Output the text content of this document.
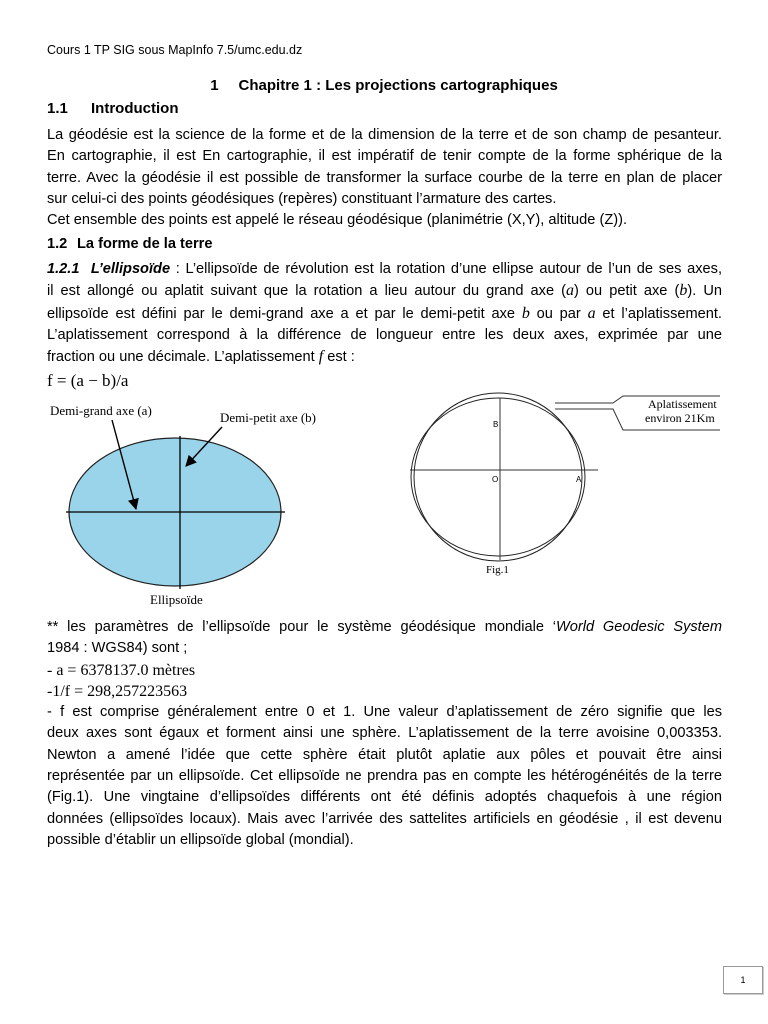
Cours 1 TP SIG sous MapInfo 7.5/umc.edu.dz
1 Chapitre 1 : Les projections cartographiques
1.1 Introduction
La géodésie est la science de la forme et de la dimension de la terre et de son champ de pesanteur.
En cartographie, il est En cartographie, il est impératif de tenir compte de la forme sphérique de la
terre. Avec la géodésie il est possible de transformer la surface courbe de la terre en plan de placer
sur celui-ci des points géodésiques (repères) constituant l’armature des cartes.
Cet ensemble des points est appelé le réseau géodésique (planimétrie (X,Y), altitude (Z)).
1.2 La forme de la terre
1.2.1 L’ellipsoïde : L’ellipsoïde de révolution est la rotation d’une ellipse autour de l’un de ses axes,
il est allongé ou aplatit suivant que la rotation a lieu autour du grand axe (a) ou petit axe (b). Un
ellipsoïde est défini par le demi-grand axe a et par le demi-petit axe b ou par a et l’aplatissement.
L’aplatissement correspond à la différence de longueur entre les deux axes, exprimée par une
fraction ou une décimale. L’aplatissement f est :
f = (a − b)/a
Demi-grand axe (a)	Demi-petit axe (b)
Ellipsoïde
Aplatissement
environ 21Km
B
O	A
Fig.1
** les paramètres de l’ellipsoïde pour le système géodésique mondiale ‘World Geodesic System
1984 : WGS84) sont ;
- a = 6378137.0 mètres
-1/f = 298,257223563
- f est comprise généralement entre 0 et 1. Une valeur d’aplatissement de zéro signifie que les
deux axes sont égaux et forment ainsi une sphère. L’aplatissement de la terre avoisine 0,003353.
Newton a amené l’idée que cette sphère était plutôt aplatie aux pôles et pouvait être ainsi
représentée par un ellipsoïde. Cet ellipsoïde ne prendra pas en compte les hétérogénéités de la terre
(Fig.1). Une vingtaine d’ellipsoïdes différents ont été définis adoptés chaquefois à une région
données (ellipsoïdes locaux). Mais avec l’arrivée des sattelites artificiels en géodésie , il est devenu
possible d’établir un ellipsoïde global (mondial).
1
